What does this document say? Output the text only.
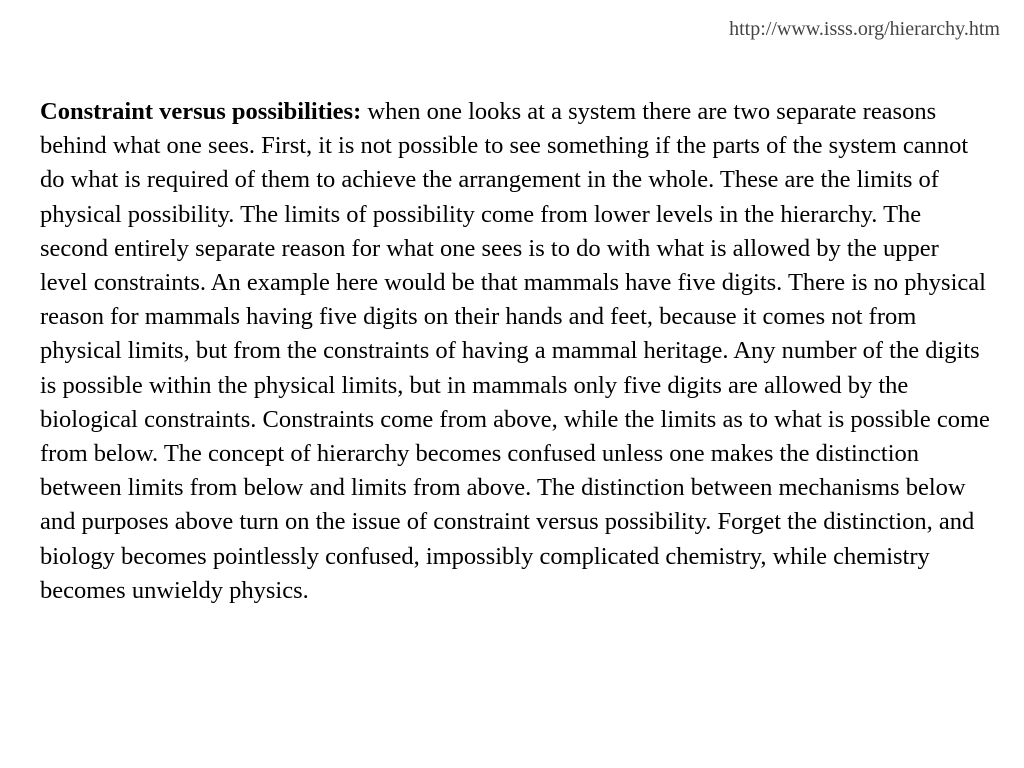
http://www.isss.org/hierarchy.htm

Constraint versus possibilities: when one looks at a system there are two separate reasons behind what one sees. First, it is not possible to see something if the parts of the system cannot do what is required of them to achieve the arrangement in the whole. These are the limits of physical possibility. The limits of possibility come from lower levels in the hierarchy. The second entirely separate reason for what one sees is to do with what is allowed by the upper level constraints. An example here would be that mammals have five digits. There is no physical reason for mammals having five digits on their hands and feet, because it comes not from physical limits, but from the constraints of having a mammal heritage. Any number of the digits is possible within the physical limits, but in mammals only five digits are allowed by the biological constraints. Constraints come from above, while the limits as to what is possible come from below. The concept of hierarchy becomes confused unless one makes the distinction between limits from below and limits from above. The distinction between mechanisms below and purposes above turn on the issue of constraint versus possibility. Forget the distinction, and biology becomes pointlessly confused, impossibly complicated chemistry, while chemistry becomes unwieldy physics.
